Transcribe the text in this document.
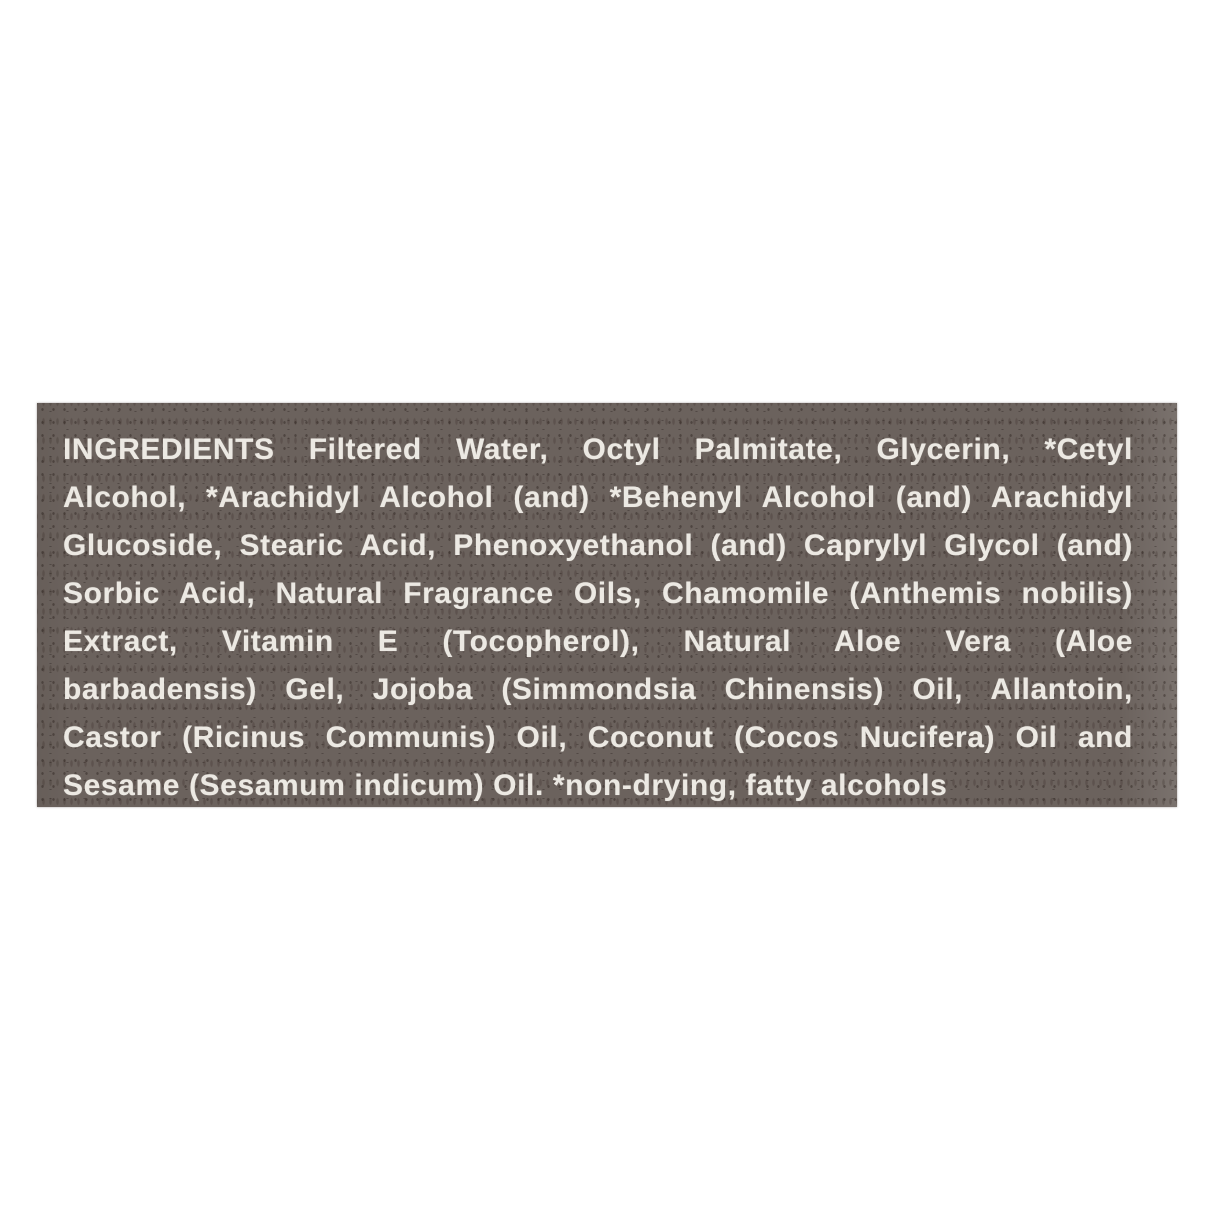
INGREDIENTS Filtered Water, Octyl Palmitate, Glycerin, *Cetyl
Alcohol, *Arachidyl Alcohol (and) *Behenyl Alcohol (and) Arachidyl
Glucoside, Stearic Acid, Phenoxyethanol (and) Caprylyl Glycol (and)
Sorbic Acid, Natural Fragrance Oils, Chamomile (Anthemis nobilis)
Extract, Vitamin E (Tocopherol), Natural Aloe Vera (Aloe
barbadensis) Gel, Jojoba (Simmondsia Chinensis) Oil, Allantoin,
Castor (Ricinus Communis) Oil, Coconut (Cocos Nucifera) Oil and
Sesame (Sesamum indicum) Oil. *non-drying, fatty alcohols
